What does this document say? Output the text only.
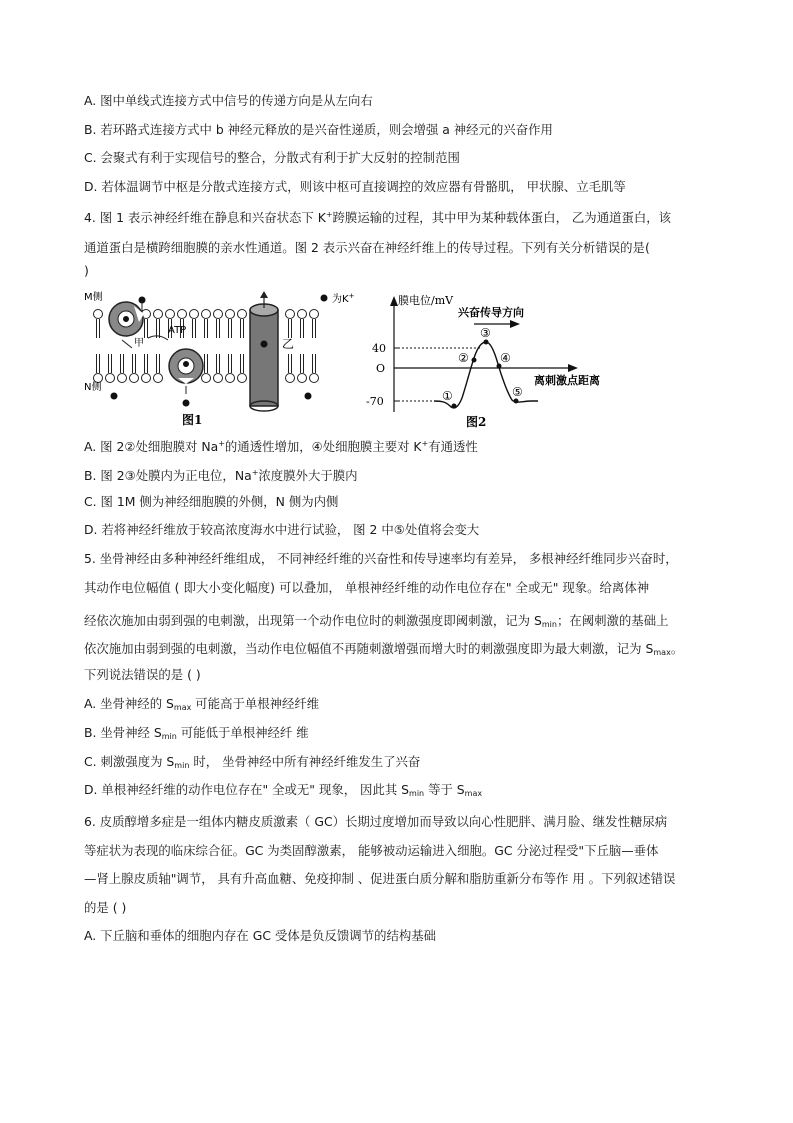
A. 图中单线式连接方式中信号的传递方向是从左向右
B. 若环路式连接方式中 b 神经元释放的是兴奋性递质，则会增强 a 神经元的兴奋作用
C. 会聚式有利于实现信号的整合，分散式有利于扩大反射的控制范围
D. 若体温调节中枢是分散式连接方式，则该中枢可直接调控的效应器有骨骼肌， 甲状腺、立毛肌等
4. 图 1 表示神经纤维在静息和兴奋状态下 K+跨膜运输的过程，其中甲为某种载体蛋白， 乙为通道蛋白，该
通道蛋白是横跨细胞膜的亲水性通道。图 2 表示兴奋在神经纤维上的传导过程。下列有关分析错误的是(
)
为K+
M侧
N侧
ATP
甲	乙
图1
膜电位/mV
兴奋传导方向
离刺激点距离
40
O
-70	①
②
③
④
⑤
图2
A. 图 2②处细胞膜对 Na+的通透性增加，④处细胞膜主要对 K+有通透性
B. 图 2③处膜内为正电位，Na+浓度膜外大于膜内
C. 图 1M 侧为神经细胞膜的外侧，N 侧为内侧
D. 若将神经纤维放于较高浓度海水中进行试验， 图 2 中⑤处值将会变大
5. 坐骨神经由多种神经纤维组成， 不同神经纤维的兴奋性和传导速率均有差异， 多根神经纤维同步兴奋时，
其动作电位幅值 ( 即大小变化幅度) 可以叠加， 单根神经纤维的动作电位存在" 全或无" 现象。给离体神
经依次施加由弱到强的电刺激，出现第一个动作电位时的刺激强度即阈刺激，记为 $S_{min}$；在阈刺激的基础上
依次施加由弱到强的电刺激，当动作电位幅值不再随刺激增强而增大时的刺激强度即为最大刺激，记为 $S_{max}$。
下列说法错误的是 ( )
A. 坐骨神经的 $S_{max}$ 可能高于单根神经纤维
B. 坐骨神经 $S_{min}$ 可能低于单根神经纤 维
C. 刺激强度为 $S_{min}$ 时， 坐骨神经中所有神经纤维发生了兴奋
D. 单根神经纤维的动作电位存在" 全或无" 现象， 因此其 $S_{min}$ 等于 $S_{max}$
6. 皮质醇增多症是一组体内糖皮质激素（ GC）长期过度增加而导致以向心性肥胖、满月脸、继发性糖尿病
等症状为表现的临床综合征。GC 为类固醇激素， 能够被动运输进入细胞。GC 分泌过程受"下丘脑—垂体
—肾上腺皮质轴"调节， 具有升高血糖、免疫抑制 、促进蛋白质分解和脂肪重新分布等作 用 。下列叙述错误
的是 ( )
A. 下丘脑和垂体的细胞内存在 GC 受体是负反馈调节的结构基础
